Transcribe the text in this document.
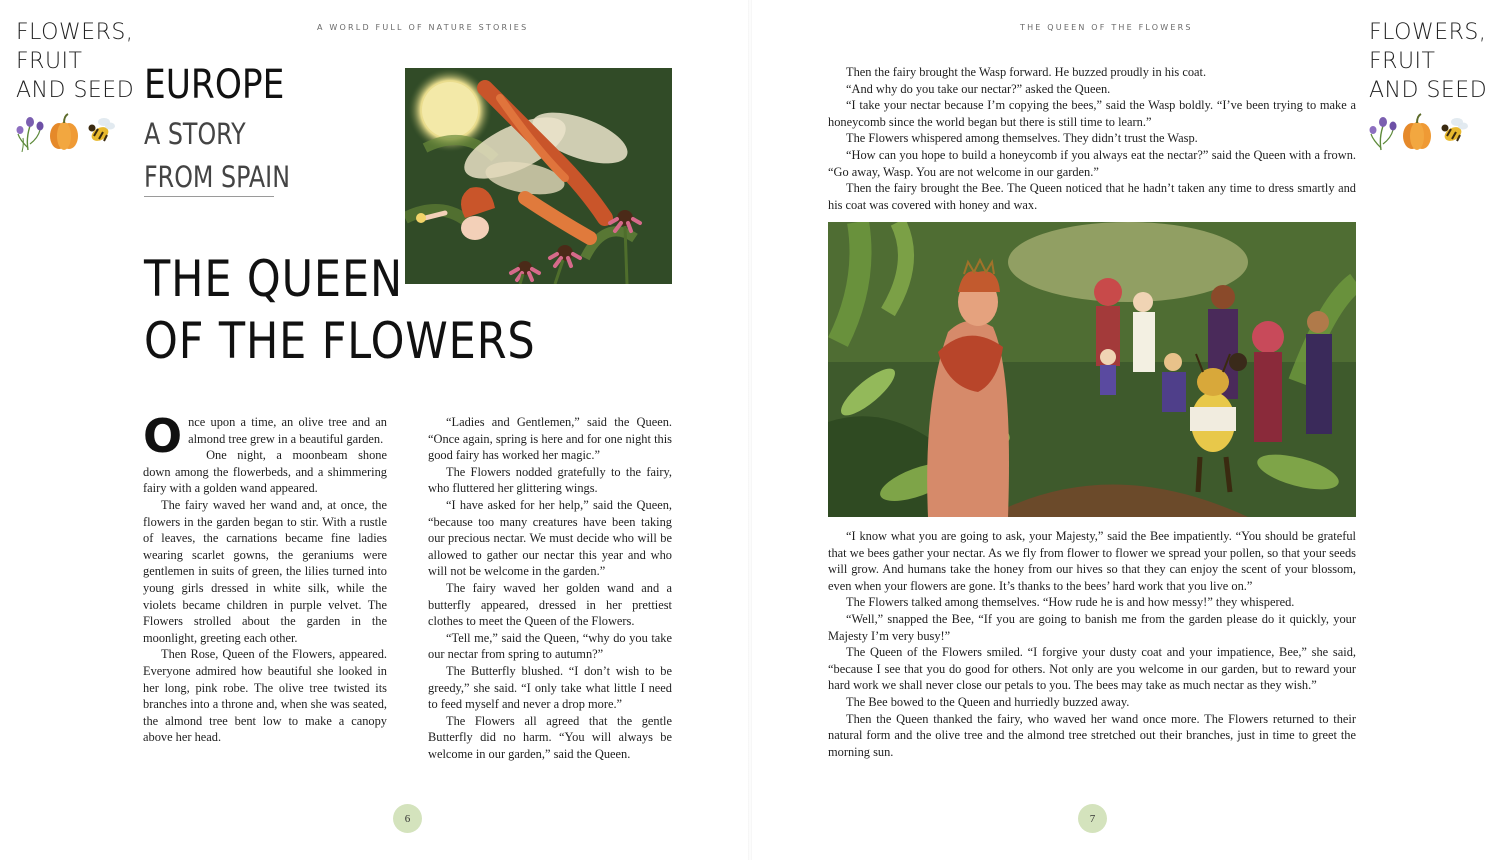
A WORLD FULL OF NATURE STORIES	THE QUEEN OF THE FLOWERS
FLOWERS,
FRUIT
AND SEED
FLOWERS,
FRUIT
AND SEED
EUROPE
A STORY
FROM SPAIN
THE QUEEN
OF THE FLOWERS

Once upon a time, an olive tree and an almond tree grew in a beautiful garden.

One night, a moonbeam shone down among the flowerbeds, and a shimmering fairy with a golden wand appeared.

The fairy waved her wand and, at once, the flowers in the garden began to stir. With a rustle of leaves, the carnations became fine ladies wearing scarlet gowns, the geraniums were gentlemen in suits of green, the lilies turned into young girls dressed in white silk, while the violets became children in purple velvet. The Flowers strolled about the garden in the moonlight, greeting each other.

Then Rose, Queen of the Flowers, appeared. Everyone admired how beautiful she looked in her long, pink robe. The olive tree twisted its branches into a throne and, when she was seated, the almond tree bent low to make a canopy above her head.

“Ladies and Gentlemen,” said the Queen. “Once again, spring is here and for one night this good fairy has worked her magic.”

The Flowers nodded gratefully to the fairy, who fluttered her glittering wings.

“I have asked for her help,” said the Queen, “because too many creatures have been taking our precious nectar. We must decide who will be allowed to gather our nectar this year and who will not be welcome in the garden.”

The fairy waved her golden wand and a butterfly appeared, dressed in her prettiest clothes to meet the Queen of the Flowers.

“Tell me,” said the Queen, “why do you take our nectar from spring to autumn?”

The Butterfly blushed. “I don’t wish to be greedy,” she said. “I only take what little I need to feed myself and never a drop more.”

The Flowers all agreed that the gentle Butterfly did no harm. “You will always be welcome in our garden,” said the Queen.

Then the fairy brought the Wasp forward. He buzzed proudly in his coat.

“And why do you take our nectar?” asked the Queen.

“I take your nectar because I’m copying the bees,” said the Wasp boldly. “I’ve been trying to make a honeycomb since the world began but there is still time to learn.”

The Flowers whispered among themselves. They didn’t trust the Wasp.

“How can you hope to build a honeycomb if you always eat the nectar?” said the Queen with a frown. “Go away, Wasp. You are not welcome in our garden.”

Then the fairy brought the Bee. The Queen noticed that he hadn’t taken any time to dress smartly and his coat was covered with honey and wax.

“I know what you are going to ask, your Majesty,” said the Bee impatiently. “You should be grateful that we bees gather your nectar. As we fly from flower to flower we spread your pollen, so that your seeds will grow. And humans take the honey from our hives so that they can enjoy the scent of your blossom, even when your flowers are gone. It’s thanks to the bees’ hard work that you live on.”

The Flowers talked among themselves. “How rude he is and how messy!” they whispered.

“Well,” snapped the Bee, “If you are going to banish me from the garden please do it quickly, your Majesty I’m very busy!”

The Queen of the Flowers smiled. “I forgive your dusty coat and your impatience, Bee,” she said, “because I see that you do good for others. Not only are you welcome in our garden, but to reward your hard work we shall never close our petals to you. The bees may take as much nectar as they wish.”

The Bee bowed to the Queen and hurriedly buzzed away.

Then the Queen thanked the fairy, who waved her wand once more. The Flowers returned to their natural form and the olive tree and the almond tree stretched out their branches, just in time to greet the morning sun.

6	7
